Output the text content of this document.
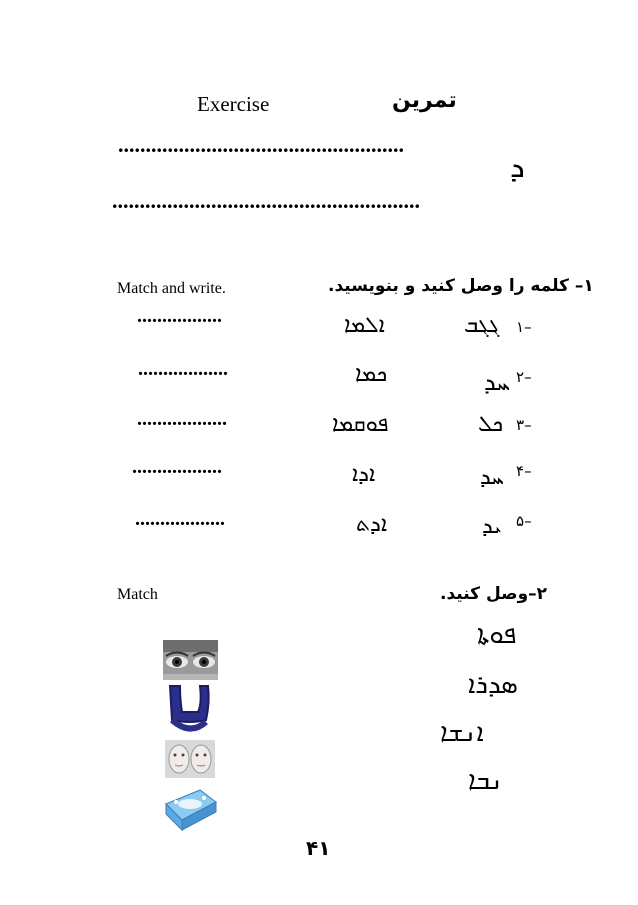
Exercise	تمرین
....................................................
ܕ
........................................................
Match and write.	۱– کلمه را وصل کنید و بنویسید.
.................	ܐܠܡܐ	ܓܓܒ –۱
..................	ܟܡܐ	ܚܕ –۲
..................	ܦܘܩܡܐ	ܟܠ –۳
..................	ܐܕܐ	ܚܕ –۴
..................	ܐܕܬ	ܝܕ –۵
Match	۲–وصل کنید.
ܦܘܬܐ
ܣܕܪܐ
ܐܢܫܐ
ܢܒܐ
۴۱
